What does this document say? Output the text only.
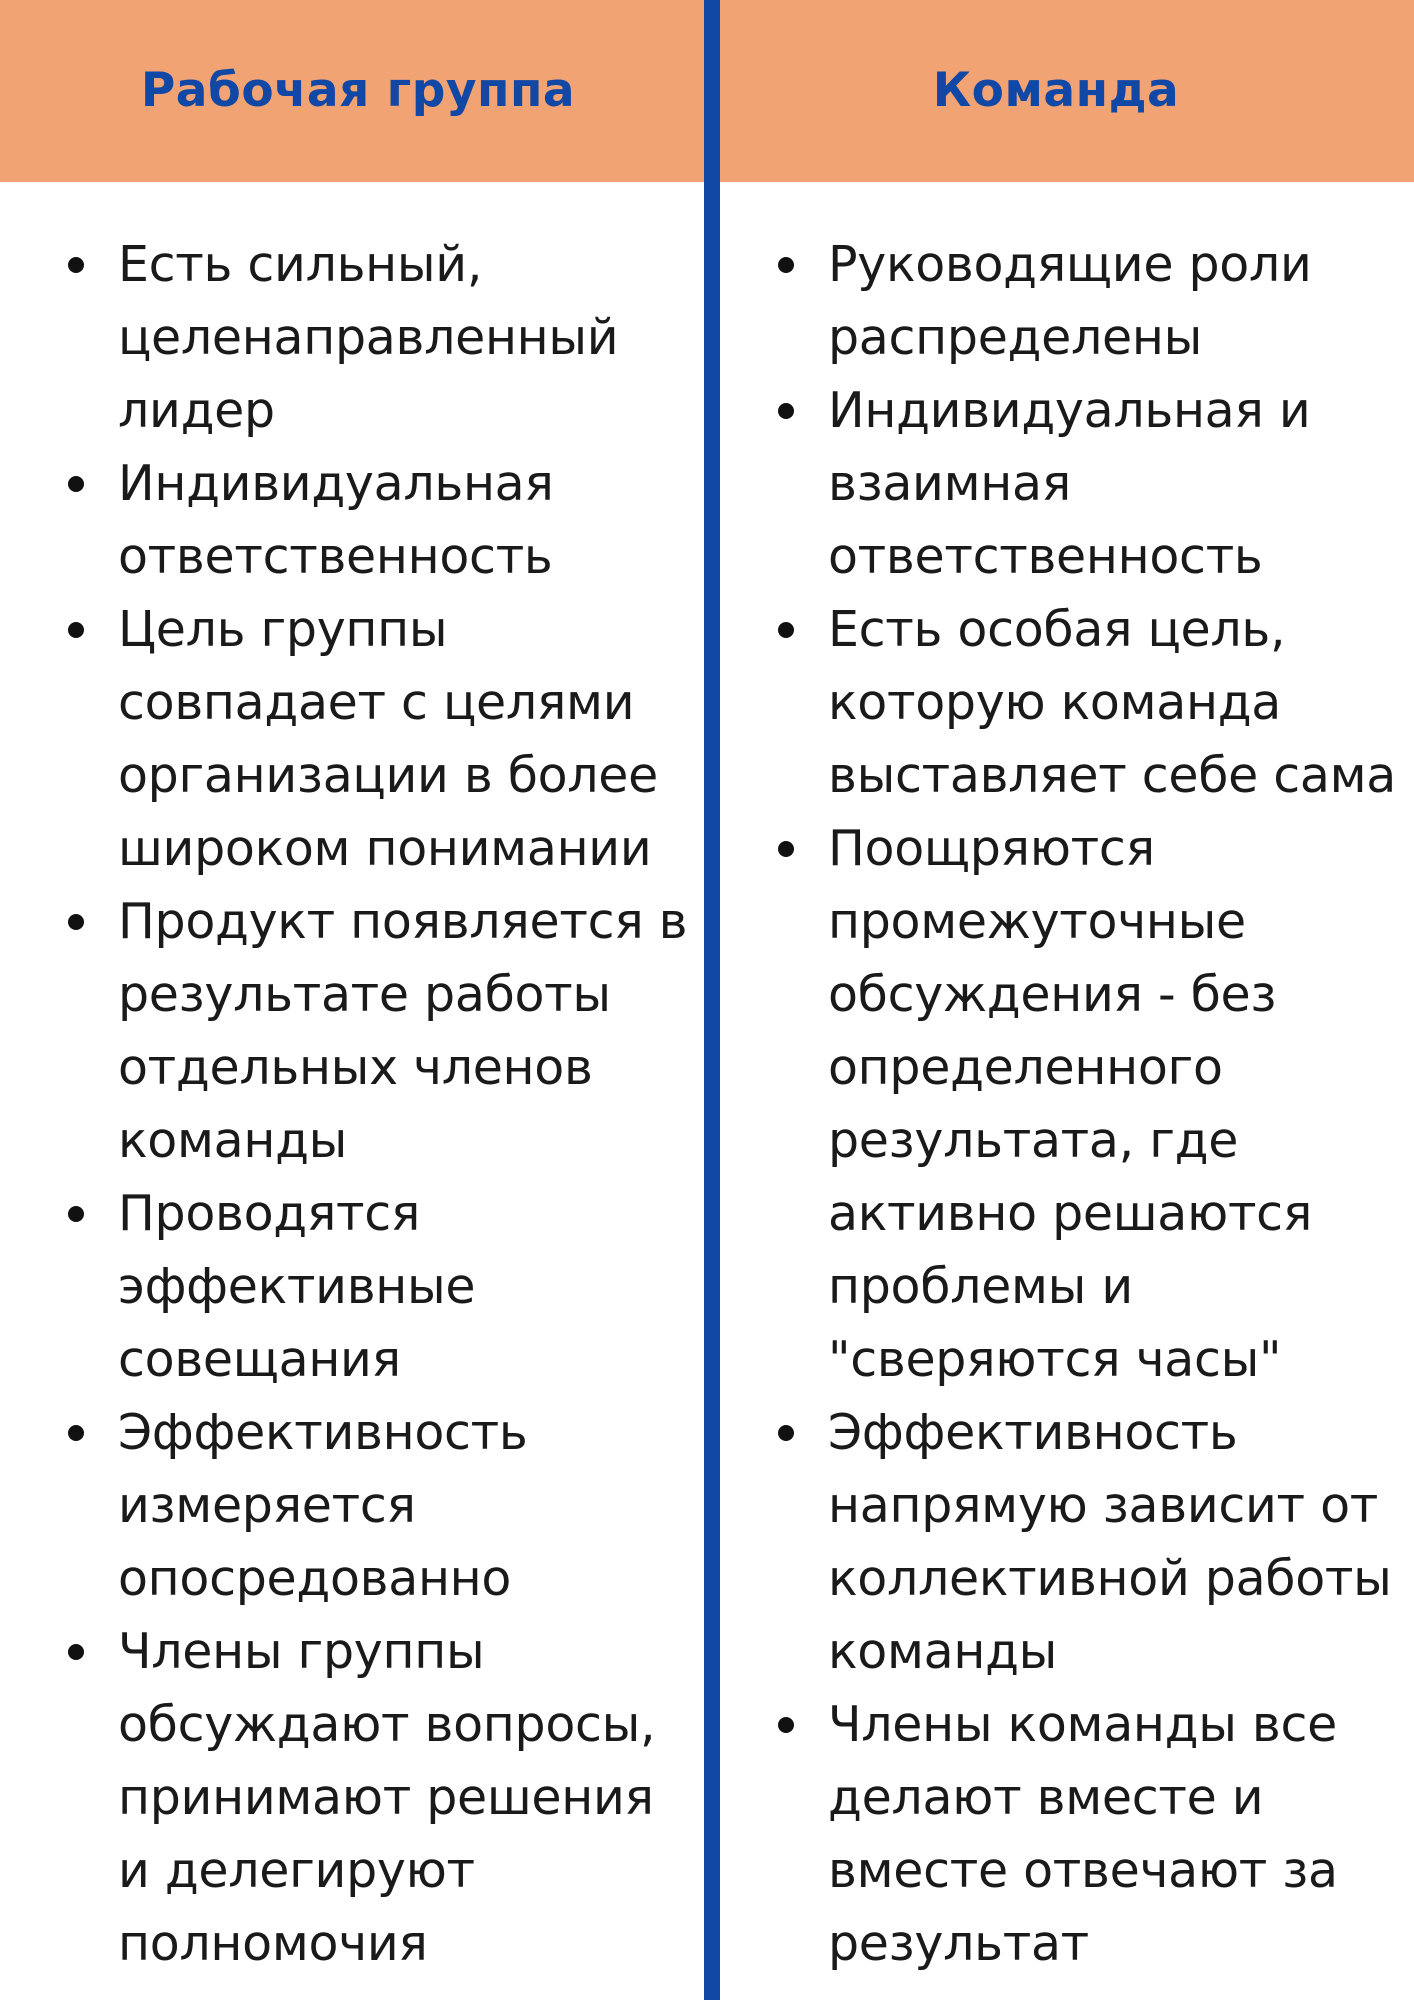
Рабочая группа
Есть сильный,
целенаправленный
лидер
Индивидуальная
ответственность
Цель группы
совпадает с целями
организации в более
широком понимании
Продукт появляется в
результате работы
отдельных членов
команды
Проводятся
эффективные
совещания
Эффективность
измеряется
опосредованно
Члены группы
обсуждают вопросы,
принимают решения
и делегируют
полномочия
Команда
Руководящие роли
распределены
Индивидуальная и
взаимная
ответственность
Есть особая цель,
которую команда
выставляет себе сама
Поощряются
промежуточные
обсуждения - без
определенного
результата, где
активно решаются
проблемы и
"сверяются часы"
Эффективность
напрямую зависит от
коллективной работы
команды
Члены команды все
делают вместе и
вместе отвечают за
результат
